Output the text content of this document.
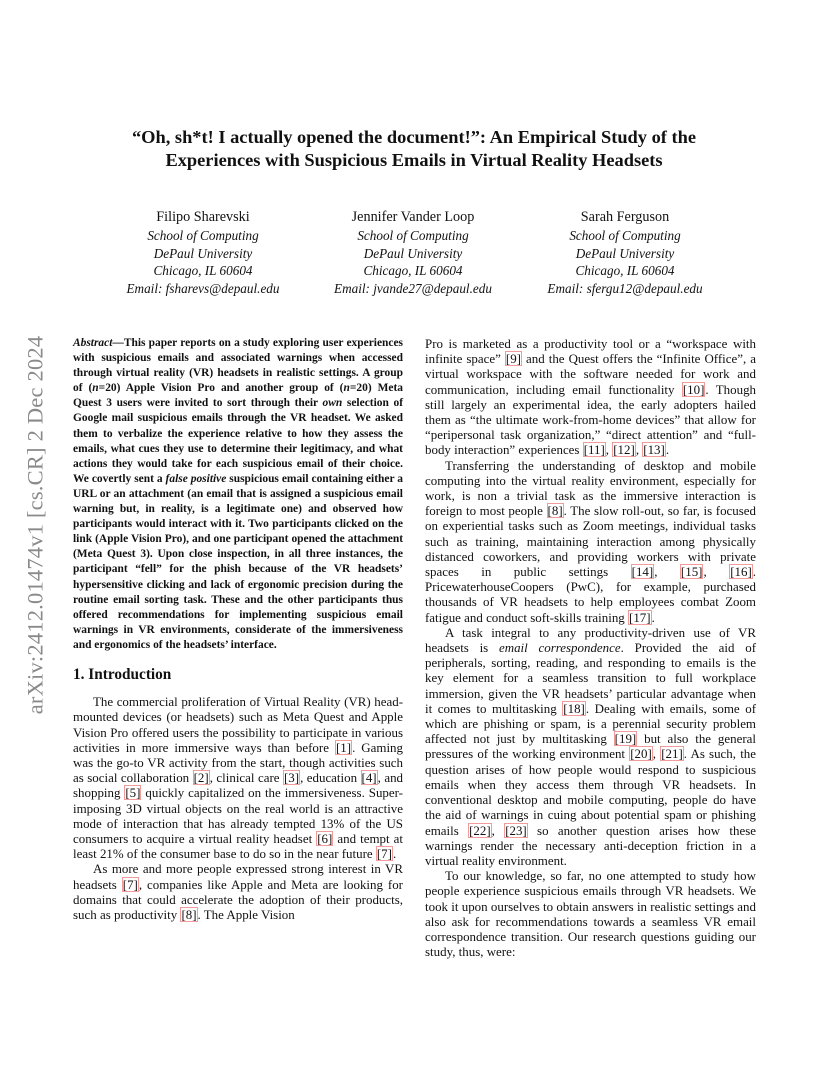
arXiv:2412.01474v1 [cs.CR] 2 Dec 2024
“Oh, sh*t! I actually opened the document!”: An Empirical Study of the
Experiences with Suspicious Emails in Virtual Reality Headsets
Filipo Sharevski
School of Computing
DePaul University
Chicago, IL 60604
Email: fsharevs@depaul.edu
Jennifer Vander Loop
School of Computing
DePaul University
Chicago, IL 60604
Email: jvande27@depaul.edu
Sarah Ferguson
School of Computing
DePaul University
Chicago, IL 60604
Email: sfergu12@depaul.edu

Abstract—This paper reports on a study exploring user experiences with suspicious emails and associated warnings when accessed through virtual reality (VR) headsets in realistic settings. A group of (n=20) Apple Vision Pro and another group of (n=20) Meta Quest 3 users were invited to sort through their own selection of Google mail suspicious emails through the VR headset. We asked them to verbalize the experience relative to how they assess the emails, what cues they use to determine their legitimacy, and what actions they would take for each suspicious email of their choice. We covertly sent a false positive suspicious email containing either a URL or an attachment (an email that is assigned a suspicious email warning but, in reality, is a legitimate one) and observed how participants would interact with it. Two participants clicked on the link (Apple Vision Pro), and one participant opened the attachment (Meta Quest 3). Upon close inspection, in all three instances, the participant “fell” for the phish because of the VR headsets’ hypersensitive clicking and lack of ergonomic precision during the routine email sorting task. These and the other participants thus offered recommendations for implementing suspicious email warnings in VR environments, considerate of the immersiveness and ergonomics of the headsets’ interface.

1. Introduction

The commercial proliferation of Virtual Reality (VR) head-mounted devices (or headsets) such as Meta Quest and Apple Vision Pro offered users the possibility to participate in various activities in more immersive ways than before [1]. Gaming was the go-to VR activity from the start, though activities such as social collaboration [2], clinical care [3], education [4], and shopping [5] quickly capitalized on the immersiveness. Super-imposing 3D virtual objects on the real world is an attractive mode of interaction that has already tempted 13% of the US consumers to acquire a virtual reality headset [6] and tempt at least 21% of the consumer base to do so in the near future [7].

As more and more people expressed strong interest in VR headsets [7], companies like Apple and Meta are looking for domains that could accelerate the adoption of their products, such as productivity [8]. The Apple Vision

Pro is marketed as a productivity tool or a “workspace with infinite space” [9] and the Quest offers the “Infinite Office”, a virtual workspace with the software needed for work and communication, including email functionality [10]. Though still largely an experimental idea, the early adopters hailed them as “the ultimate work-from-home devices” that allow for “peripersonal task organization,” “direct attention” and “full-body interaction” experiences [11], [12], [13].

Transferring the understanding of desktop and mobile computing into the virtual reality environment, especially for work, is non a trivial task as the immersive interaction is foreign to most people [8]. The slow roll-out, so far, is focused on experiential tasks such as Zoom meetings, individual tasks such as training, maintaining interaction among physically distanced coworkers, and providing workers with private spaces in public settings [14], [15], [16]. PricewaterhouseCoopers (PwC), for example, purchased thousands of VR headsets to help employees combat Zoom fatigue and conduct soft-skills training [17].

A task integral to any productivity-driven use of VR headsets is email correspondence. Provided the aid of peripherals, sorting, reading, and responding to emails is the key element for a seamless transition to full workplace immersion, given the VR headsets’ particular advantage when it comes to multitasking [18]. Dealing with emails, some of which are phishing or spam, is a perennial security problem affected not just by multitasking [19] but also the general pressures of the working environment [20], [21]. As such, the question arises of how people would respond to suspicious emails when they access them through VR headsets. In conventional desktop and mobile computing, people do have the aid of warnings in cuing about potential spam or phishing emails [22], [23] so another question arises how these warnings render the necessary anti-deception friction in a virtual reality environment.

To our knowledge, so far, no one attempted to study how people experience suspicious emails through VR headsets. We took it upon ourselves to obtain answers in realistic settings and also ask for recommendations towards a seamless VR email correspondence transition. Our research questions guiding our study, thus, were:
